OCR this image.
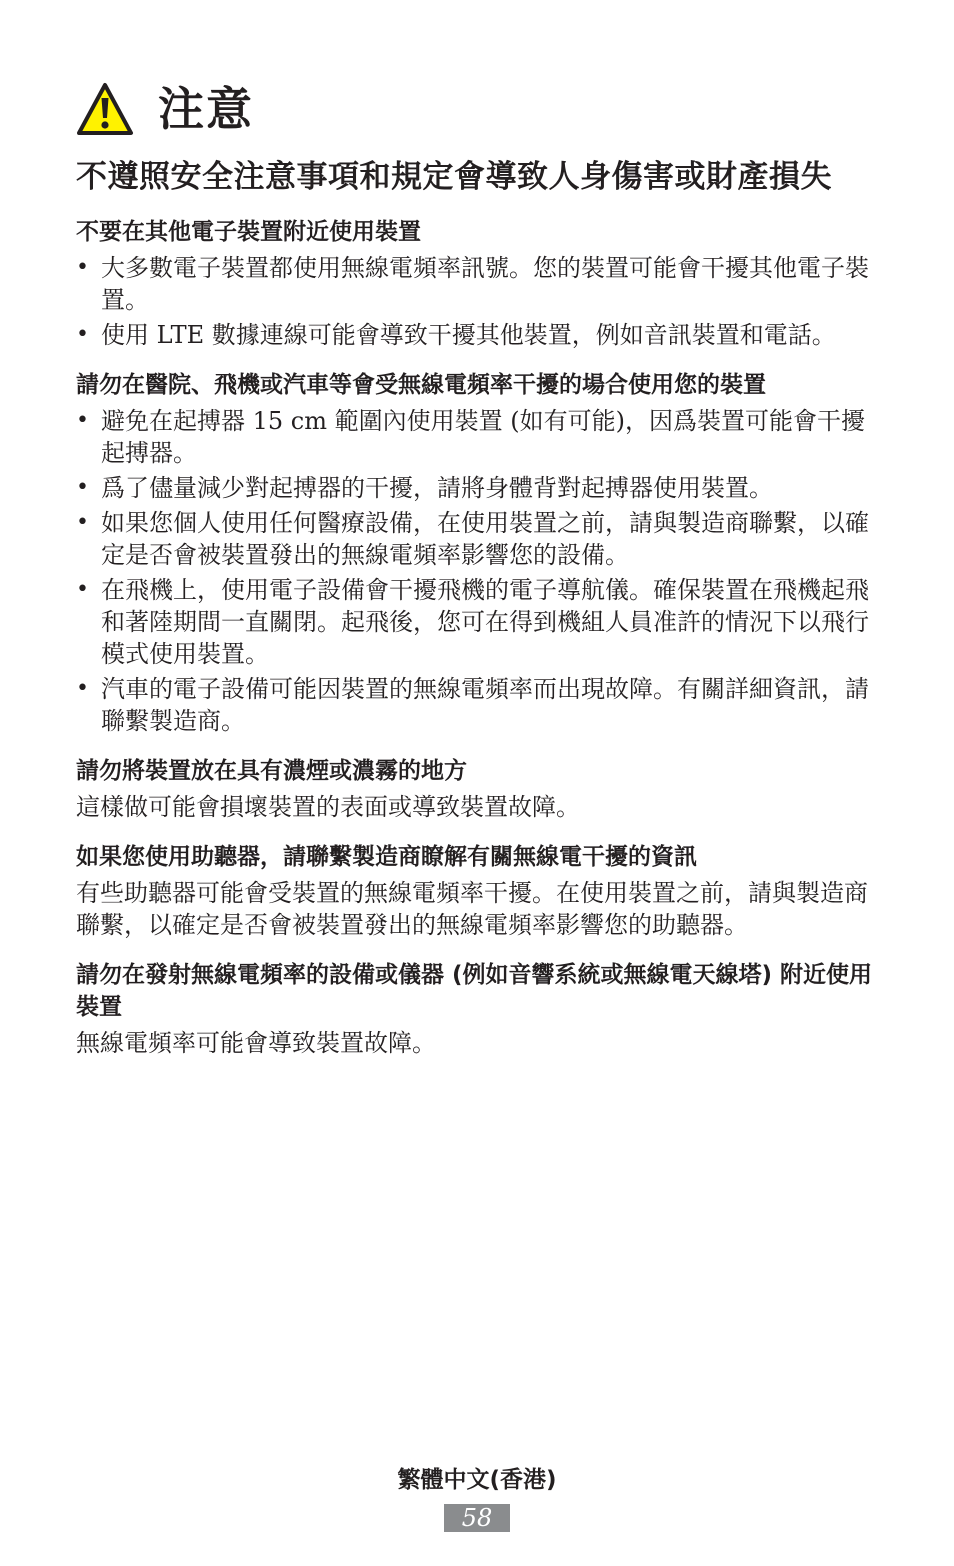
注意
不遵照安全注意事項和規定會導致人身傷害或財產損失
不要在其他電子裝置附近使用裝置
• 大多數電子裝置都使用無線電頻率訊號。您的裝置可能會干擾其他電子裝置。
• 使用 LTE 數據連線可能會導致干擾其他裝置，例如音訊裝置和電話。
請勿在醫院、飛機或汽車等會受無線電頻率干擾的場合使用您的裝置
• 避免在起搏器 15 cm 範圍內使用裝置 (如有可能)，因爲裝置可能會干擾起搏器。
• 爲了儘量減少對起搏器的干擾，請將身體背對起搏器使用裝置。
• 如果您個人使用任何醫療設備，在使用裝置之前，請與製造商聯繫，以確定是否會被裝置發出的無線電頻率影響您的設備。
• 在飛機上，使用電子設備會干擾飛機的電子導航儀。確保裝置在飛機起飛和著陸期間一直關閉。起飛後，您可在得到機組人員准許的情況下以飛行模式使用裝置。
• 汽車的電子設備可能因裝置的無線電頻率而出現故障。有關詳細資訊，請聯繫製造商。
請勿將裝置放在具有濃煙或濃霧的地方
這樣做可能會損壞裝置的表面或導致裝置故障。
如果您使用助聽器，請聯繫製造商瞭解有關無線電干擾的資訊
有些助聽器可能會受裝置的無線電頻率干擾。在使用裝置之前，請與製造商聯繫，以確定是否會被裝置發出的無線電頻率影響您的助聽器。
請勿在發射無線電頻率的設備或儀器 (例如音響系統或無線電天線塔) 附近使用裝置
無線電頻率可能會導致裝置故障。
繁體中文(香港)
58
